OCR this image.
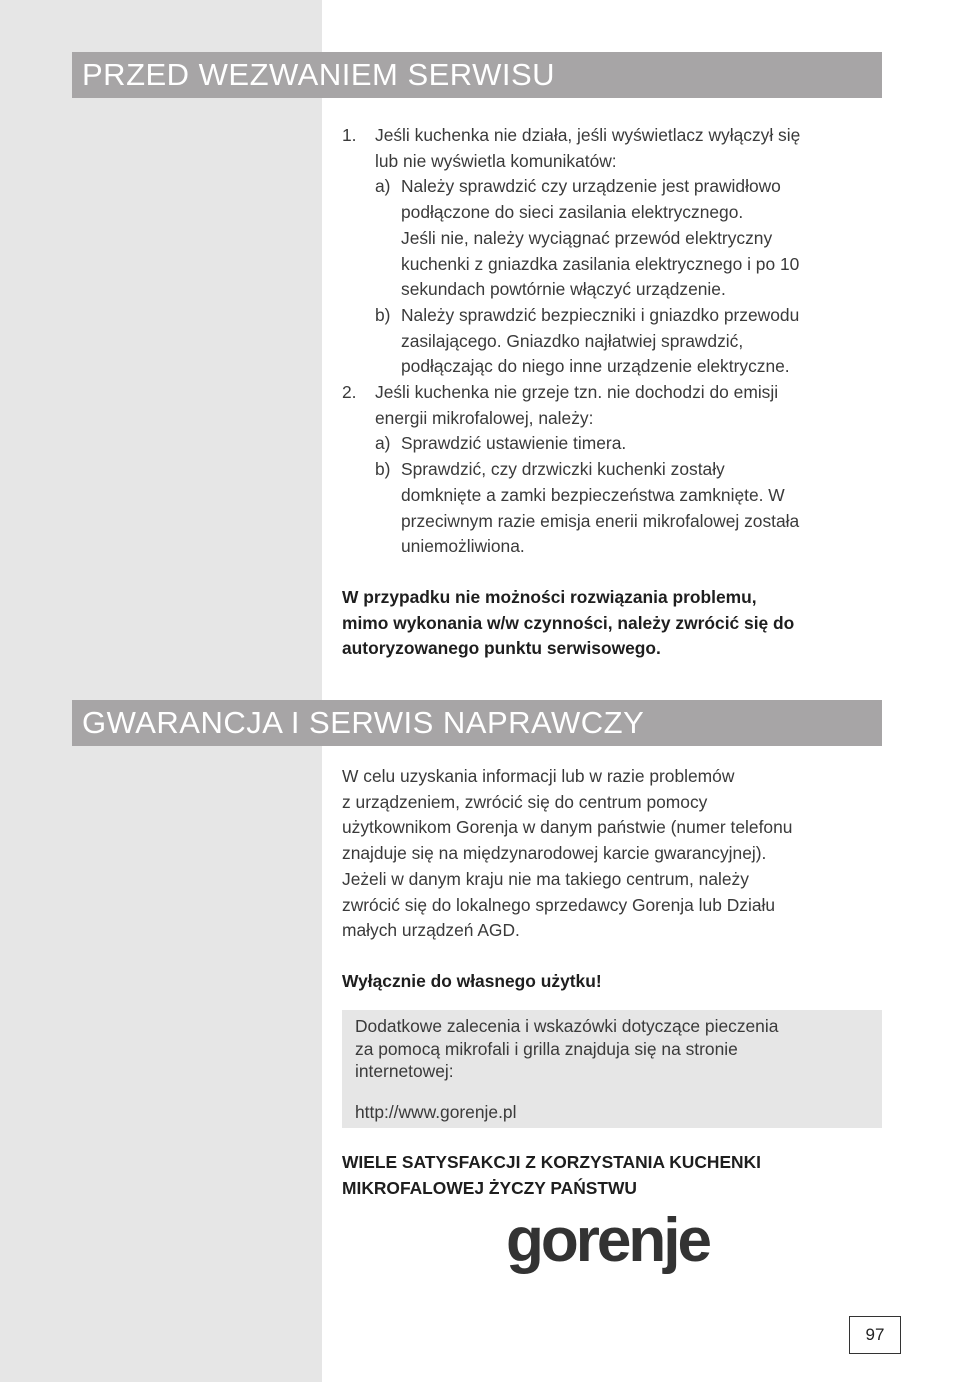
PRZED WEZWANIEM SERWISU
1. Jeśli kuchenka nie działa, jeśli wyświetlacz wyłączył się
lub nie wyświetla komunikatów:
a) Należy sprawdzić czy urządzenie jest prawidłowo
podłączone do sieci zasilania elektrycznego.
Jeśli nie, należy wyciągnać przewód elektryczny
kuchenki z gniazdka zasilania elektrycznego i po 10
sekundach powtórnie włączyć urządzenie.
b) Należy sprawdzić bezpieczniki i gniazdko przewodu
zasilającego. Gniazdko najłatwiej sprawdzić,
podłączając do niego inne urządzenie elektryczne.
2. Jeśli kuchenka nie grzeje tzn. nie dochodzi do emisji
energii mikrofalowej, należy:
a) Sprawdzić ustawienie timera.
b) Sprawdzić, czy drzwiczki kuchenki zostały
domknięte a zamki bezpieczeństwa zamknięte. W
przeciwnym razie emisja enerii mikrofalowej została
uniemożliwiona.
W przypadku nie możności rozwiązania problemu,
mimo wykonania w/w czynności, należy zwrócić się do
autoryzowanego punktu serwisowego.
GWARANCJA I SERWIS NAPRAWCZY
W celu uzyskania informacji lub w razie problemów
z urządzeniem, zwrócić się do centrum pomocy
użytkownikom Gorenja w danym państwie (numer telefonu
znajduje się na międzynarodowej karcie gwarancyjnej).
Jeżeli w danym kraju nie ma takiego centrum, należy
zwrócić się do lokalnego sprzedawcy Gorenja lub Działu
małych urządzeń AGD.
Wyłącznie do własnego użytku!
Dodatkowe zalecenia i wskazówki dotyczące pieczenia
za pomocą mikrofali i grilla znajduja się na stronie
internetowej:
http://www.gorenje.pl
WIELE SATYSFAKCJI Z KORZYSTANIA KUCHENKI
MIKROFALOWEJ ŻYCZY PAŃSTWU
gorenje
97
